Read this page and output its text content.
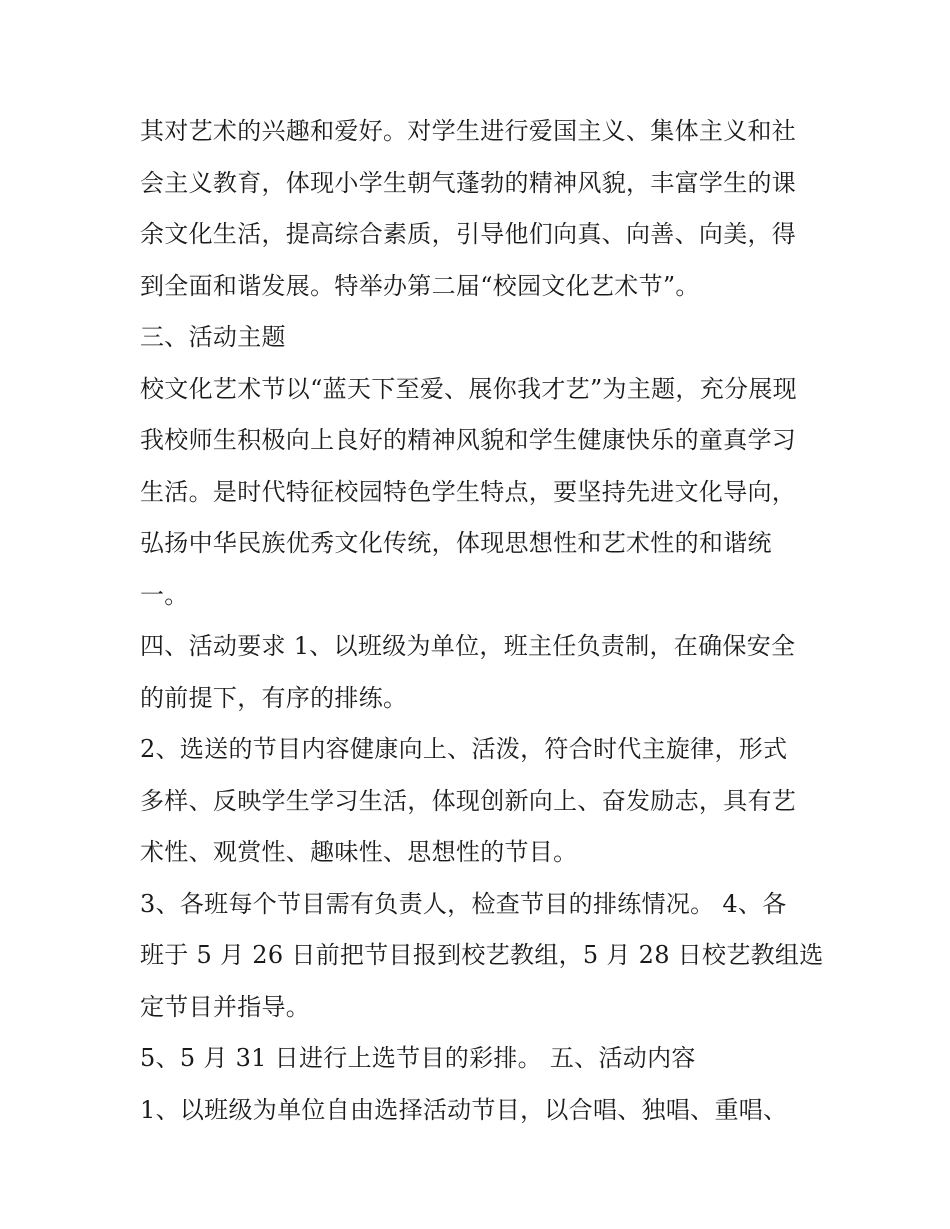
其对艺术的兴趣和爱好。对学生进行爱国主义、集体主义和社
会主义教育，体现小学生朝气蓬勃的精神风貌，丰富学生的课
余文化生活，提高综合素质，引导他们向真、向善、向美，得
到全面和谐发展。特举办第二届“校园文化艺术节”。
三、活动主题
校文化艺术节以“蓝天下至爱、展你我才艺”为主题，充分展现
我校师生积极向上良好的精神风貌和学生健康快乐的童真学习
生活。是时代特征校园特色学生特点，要坚持先进文化导向，
弘扬中华民族优秀文化传统，体现思想性和艺术性的和谐统
一。
四、活动要求 1、以班级为单位，班主任负责制，在确保安全
的前提下，有序的排练。
2、选送的节目内容健康向上、活泼，符合时代主旋律，形式
多样、反映学生学习生活，体现创新向上、奋发励志，具有艺
术性、观赏性、趣味性、思想性的节目。
3、各班每个节目需有负责人，检查节目的排练情况。 4、各
班于 5 月 26 日前把节目报到校艺教组，5 月 28 日校艺教组选
定节目并指导。
5、5 月 31 日进行上选节目的彩排。 五、活动内容
1、以班级为单位自由选择活动节目，以合唱、独唱、重唱、
